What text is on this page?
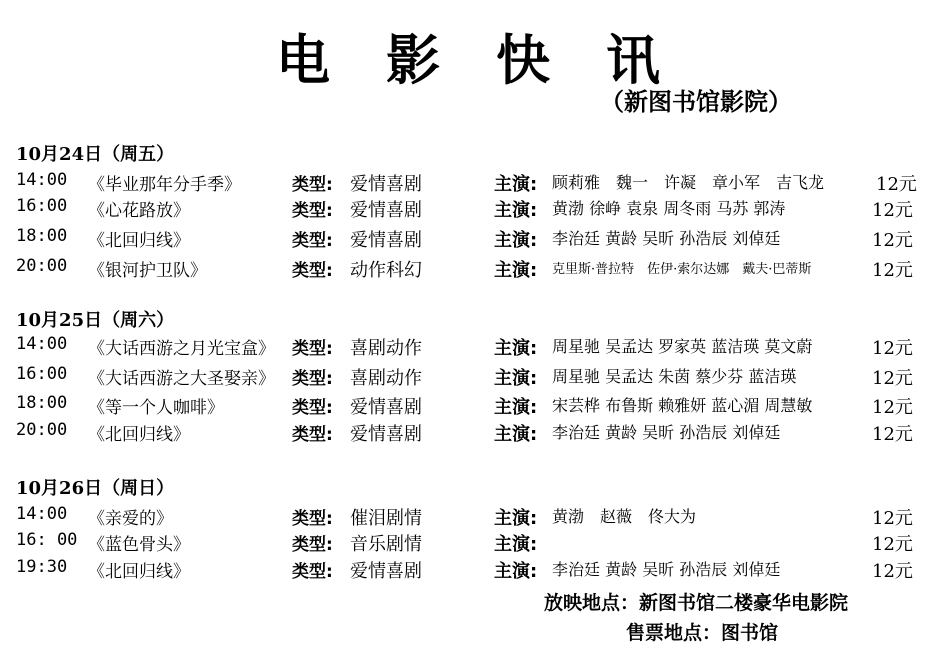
电影快讯
（新图书馆影院）
10月24日（周五）
14:00 《毕业那年分手季》	类型: 爱情喜剧	主演: 顾莉雅　魏一　许凝　章小军　吉飞龙	12元
16:00 《心花路放》	类型: 爱情喜剧	主演: 黄渤 徐峥 袁泉 周冬雨 马苏 郭涛	12元
18:00 《北回归线》	类型: 爱情喜剧	主演: 李治廷 黄龄 吴昕 孙浩辰 刘倬廷	12元
20:00 《银河护卫队》	类型: 动作科幻	主演: 克里斯·普拉特　佐伊·索尔达娜　戴夫·巴蒂斯	12元
10月25日（周六）
14:00 《大话西游之月光宝盒》 类型: 喜剧动作	主演: 周星驰 吴孟达 罗家英 蓝洁瑛 莫文蔚	12元
16:00 《大话西游之大圣娶亲》 类型: 喜剧动作	主演: 周星驰 吴孟达 朱茵 蔡少芬 蓝洁瑛	12元
18:00 《等一个人咖啡》	类型: 爱情喜剧	主演: 宋芸桦 布鲁斯 赖雅妍 蓝心湄 周慧敏	12元
20:00 《北回归线》	类型: 爱情喜剧	主演: 李治廷 黄龄 吴昕 孙浩辰 刘倬廷	12元
10月26日（周日）
14:00 《亲爱的》	类型: 催泪剧情	主演: 黄渤　赵薇　佟大为	12元
16: 00 《蓝色骨头》	类型: 音乐剧情	主演:	12元
19:30 《北回归线》	类型: 爱情喜剧	主演: 李治廷 黄龄 吴昕 孙浩辰 刘倬廷	12元
放映地点：新图书馆二楼豪华电影院
售票地点：图书馆
